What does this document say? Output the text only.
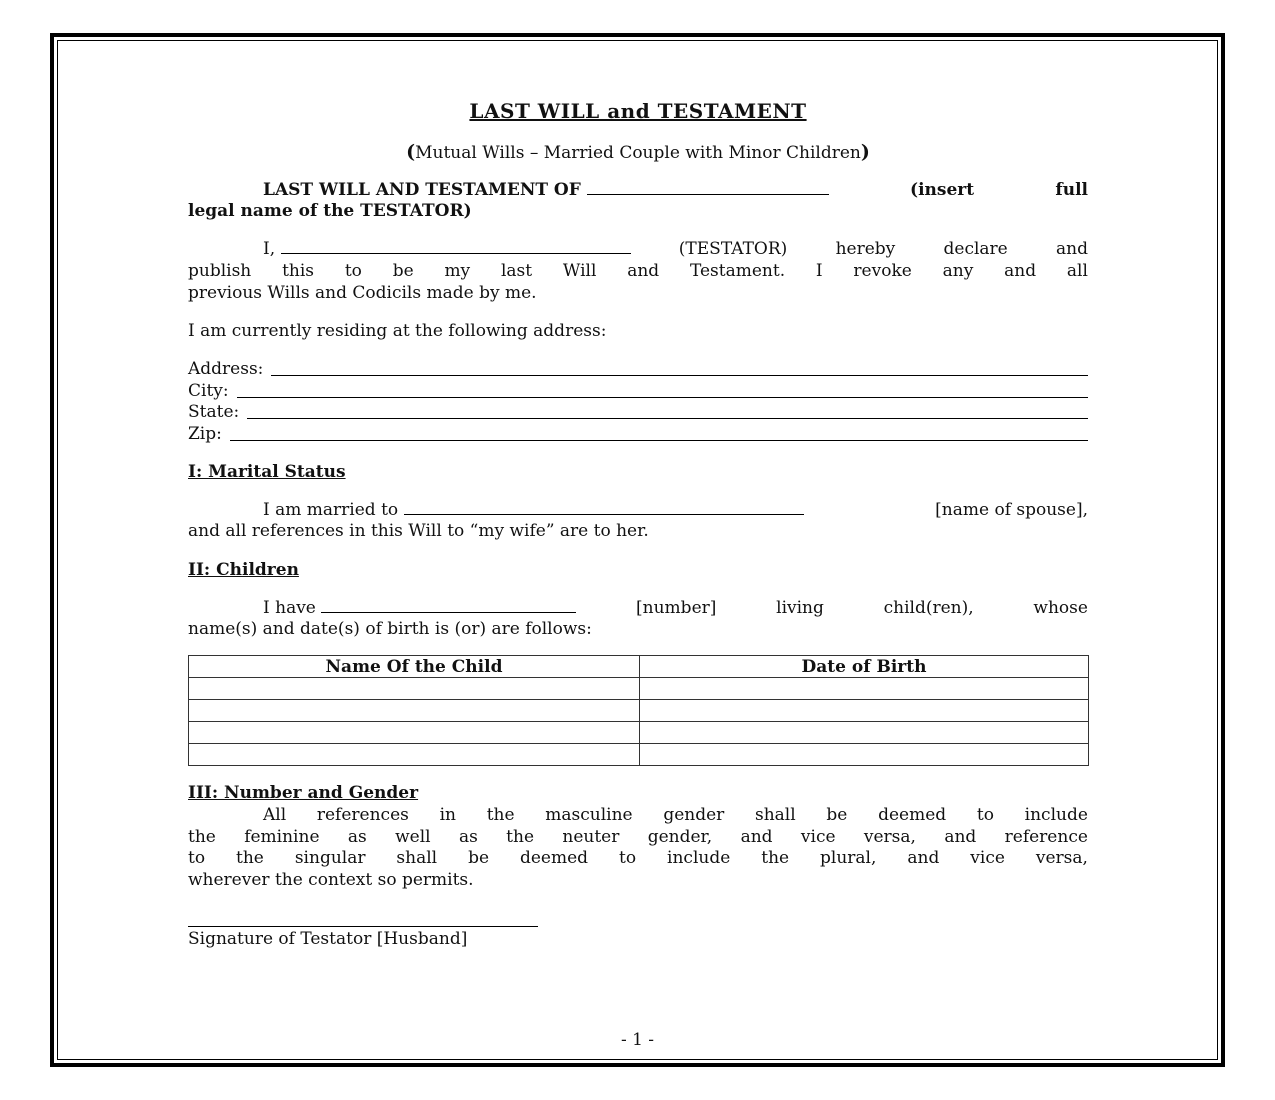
LAST WILL and TESTAMENT
(Mutual Wills – Married Couple with Minor Children)
LAST WILL AND TESTAMENT OF	(insert	full
legal name of the TESTATOR)
I,	(TESTATOR)	hereby	declare	and
publish this to be my last Will and Testament. I revoke any and all
previous Wills and Codicils made by me.
I am currently residing at the following address:
Address:
City:
State:
Zip:
I: Marital Status
I am married to	[name of spouse],
and all references in this Will to “my wife” are to her.
II: Children
I have	[number]	living	child(ren),	whose
name(s) and date(s) of birth is (or) are follows:
Name Of the Child	Date of Birth

III: Number and Gender
All references in the masculine gender shall be deemed to include
the feminine as well as the neuter gender, and vice versa, and reference
to the singular shall be deemed to include the plural, and vice versa,
wherever the context so permits.
Signature of Testator [Husband]
- 1 -
